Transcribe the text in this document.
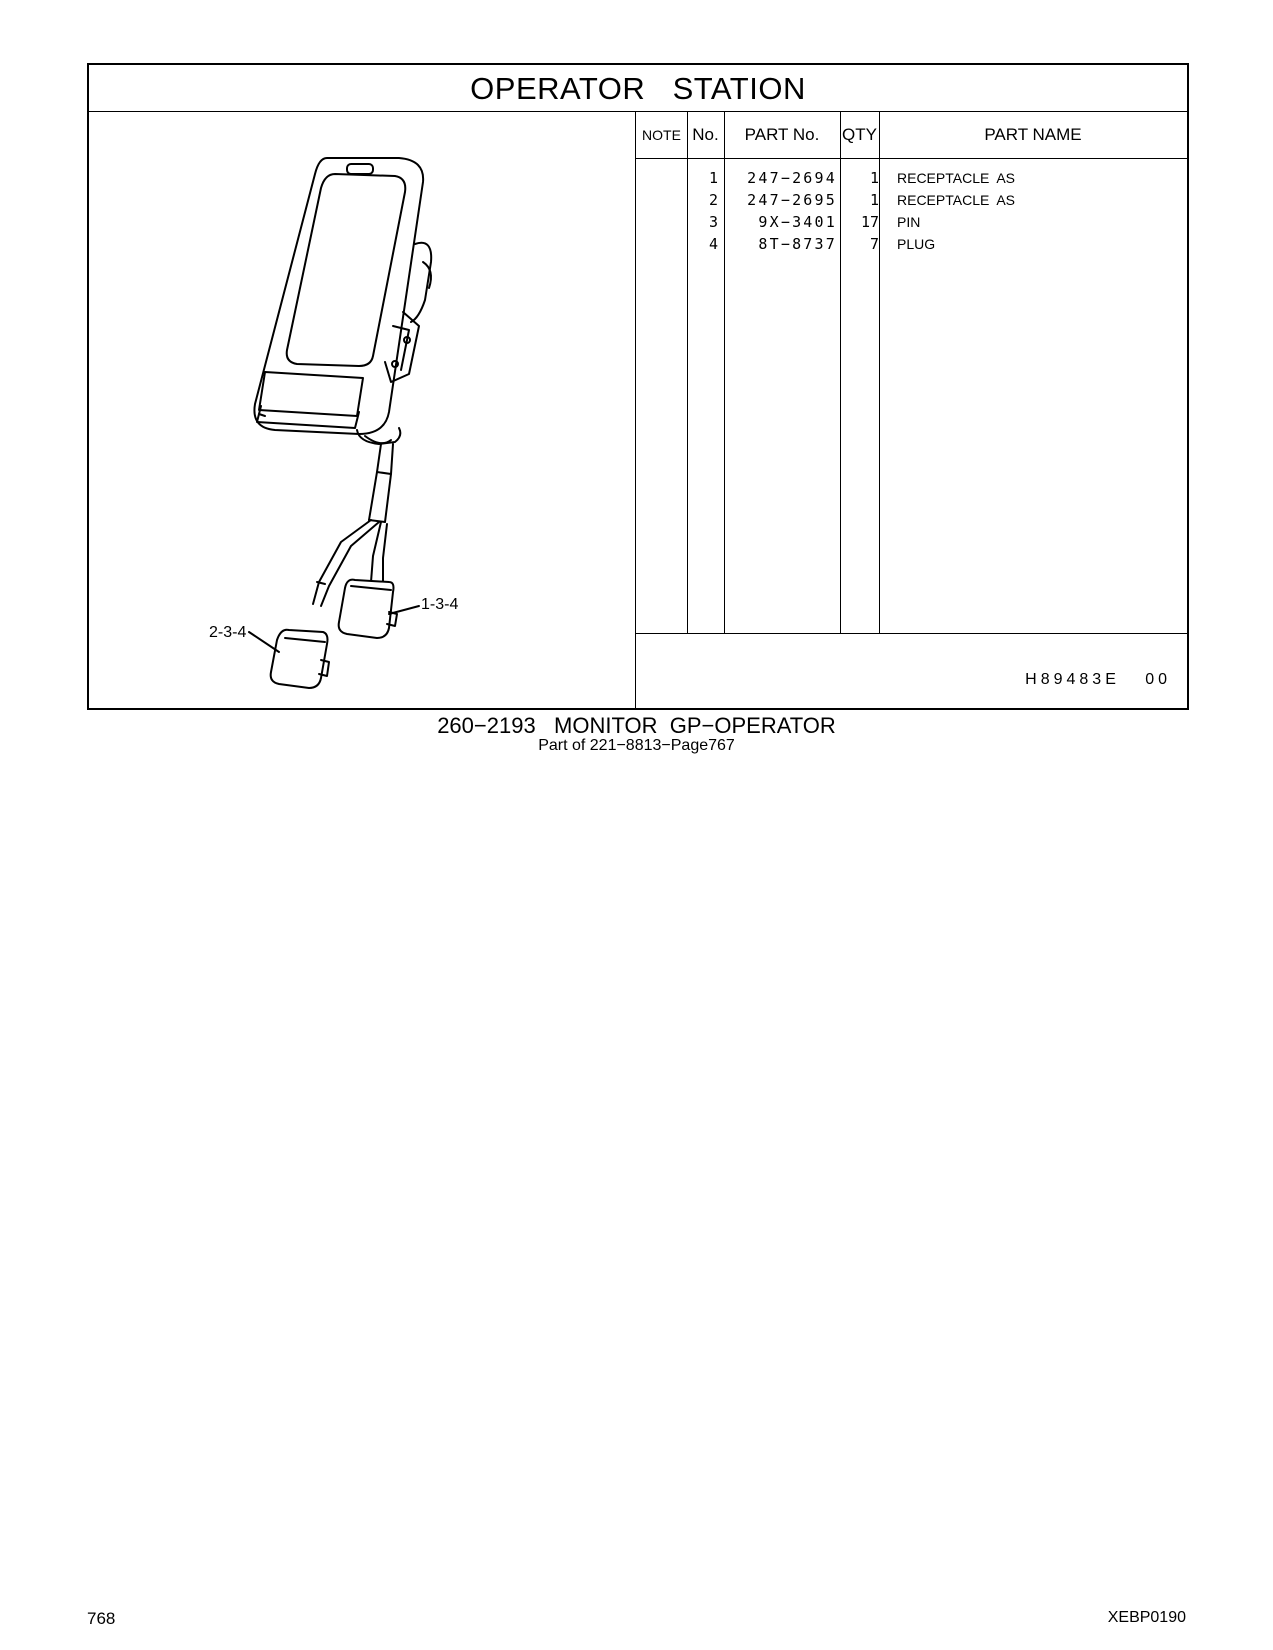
OPERATOR   STATION
1-3-4
2-3-4
NOTE No.	PART No.	QTY	PART NAME
1	247−2694	1 RECEPTACLE  AS
2	247−2695	1 RECEPTACLE  AS
3	9X−3401	17 PIN
4	8T−8737	7 PLUG
H89483E   00
260−2193   MONITOR  GP−OPERATOR
Part of 221−8813−Page767
768	XEBP0190
